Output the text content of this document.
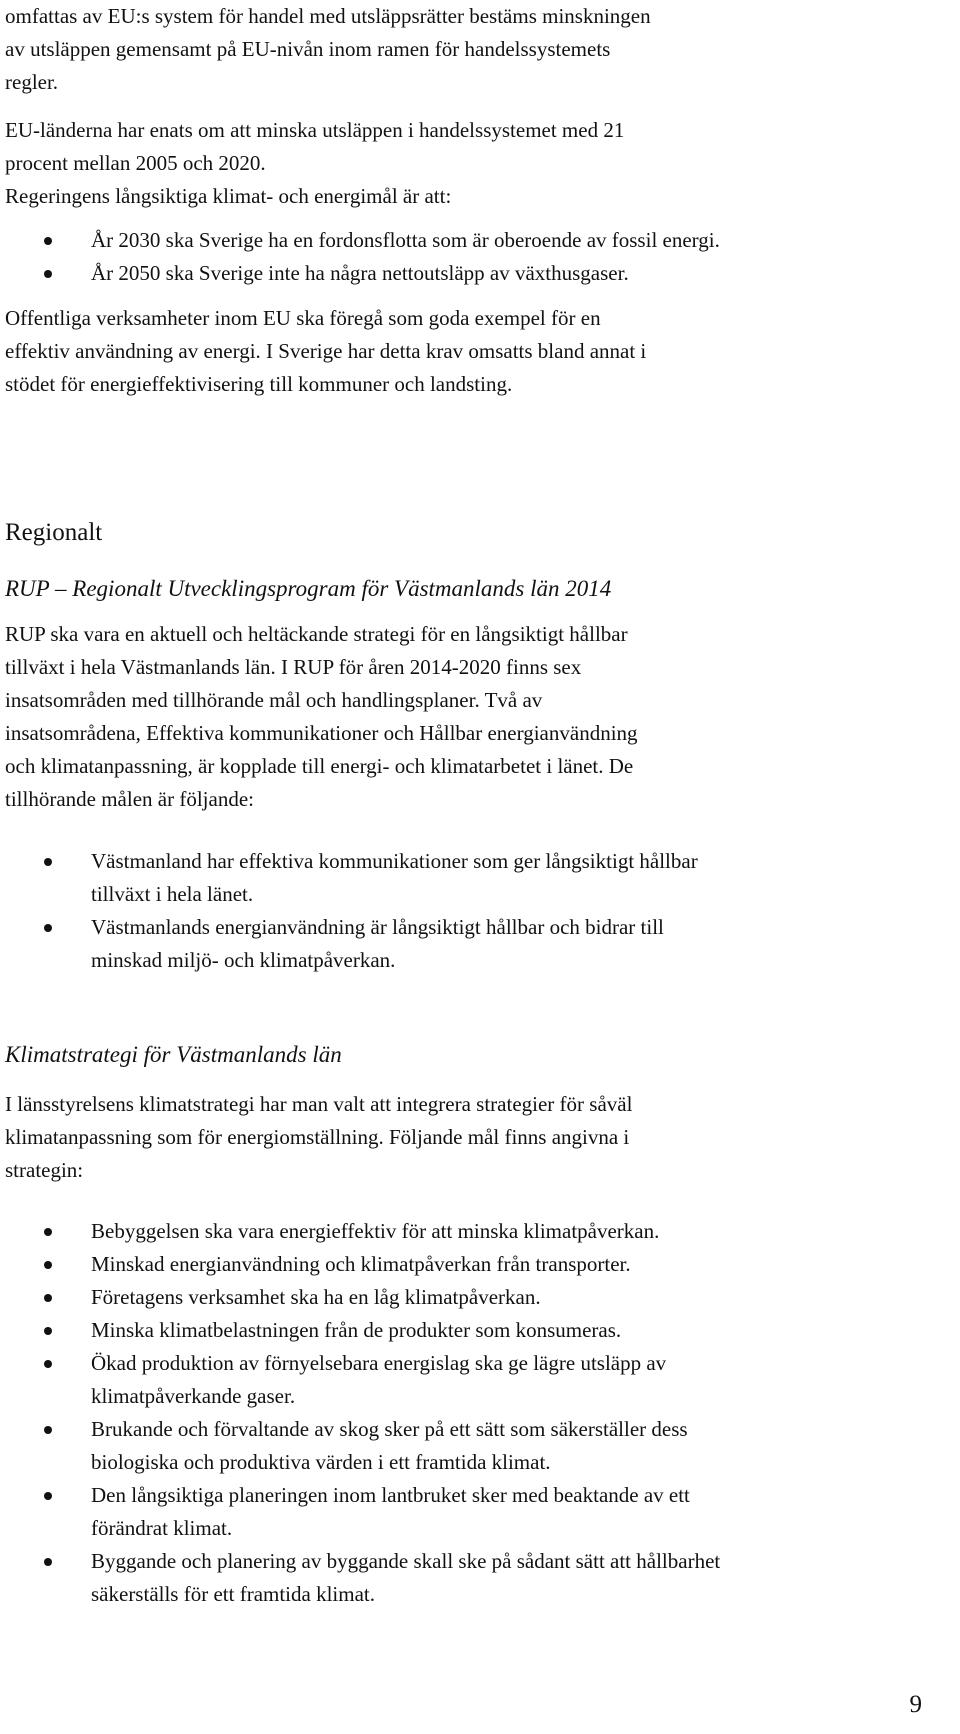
omfattas av EU:s system för handel med utsläppsrätter bestäms minskningen
av utsläppen gemensamt på EU-nivån inom ramen för handelssystemets
regler.

EU-länderna har enats om att minska utsläppen i handelssystemet med 21
procent mellan 2005 och 2020.
Regeringens långsiktiga klimat- och energimål är att:

År 2030 ska Sverige ha en fordonsflotta som är oberoende av fossil energi.
År 2050 ska Sverige inte ha några nettoutsläpp av växthusgaser.

Offentliga verksamheter inom EU ska föregå som goda exempel för en
effektiv användning av energi. I Sverige har detta krav omsatts bland annat i
stödet för energieffektivisering till kommuner och landsting.

Regionalt
RUP – Regionalt Utvecklingsprogram för Västmanlands län 2014

RUP ska vara en aktuell och heltäckande strategi för en långsiktigt hållbar
tillväxt i hela Västmanlands län. I RUP för åren 2014-2020 finns sex
insatsområden med tillhörande mål och handlingsplaner. Två av
insatsområdena, Effektiva kommunikationer och Hållbar energianvändning
och klimatanpassning, är kopplade till energi- och klimatarbetet i länet. De
tillhörande målen är följande:

Västmanland har effektiva kommunikationer som ger långsiktigt hållbar
tillväxt i hela länet.
Västmanlands energianvändning är långsiktigt hållbar och bidrar till
minskad miljö- och klimatpåverkan.
Klimatstrategi för Västmanlands län

I länsstyrelsens klimatstrategi har man valt att integrera strategier för såväl
klimatanpassning som för energiomställning. Följande mål finns angivna i
strategin:

Bebyggelsen ska vara energieffektiv för att minska klimatpåverkan.
Minskad energianvändning och klimatpåverkan från transporter.
Företagens verksamhet ska ha en låg klimatpåverkan.
Minska klimatbelastningen från de produkter som konsumeras.
Ökad produktion av förnyelsebara energislag ska ge lägre utsläpp av
klimatpåverkande gaser.
Brukande och förvaltande av skog sker på ett sätt som säkerställer dess
biologiska och produktiva värden i ett framtida klimat.
Den långsiktiga planeringen inom lantbruket sker med beaktande av ett
förändrat klimat.
Byggande och planering av byggande skall ske på sådant sätt att hållbarhet
säkerställs för ett framtida klimat.
9
